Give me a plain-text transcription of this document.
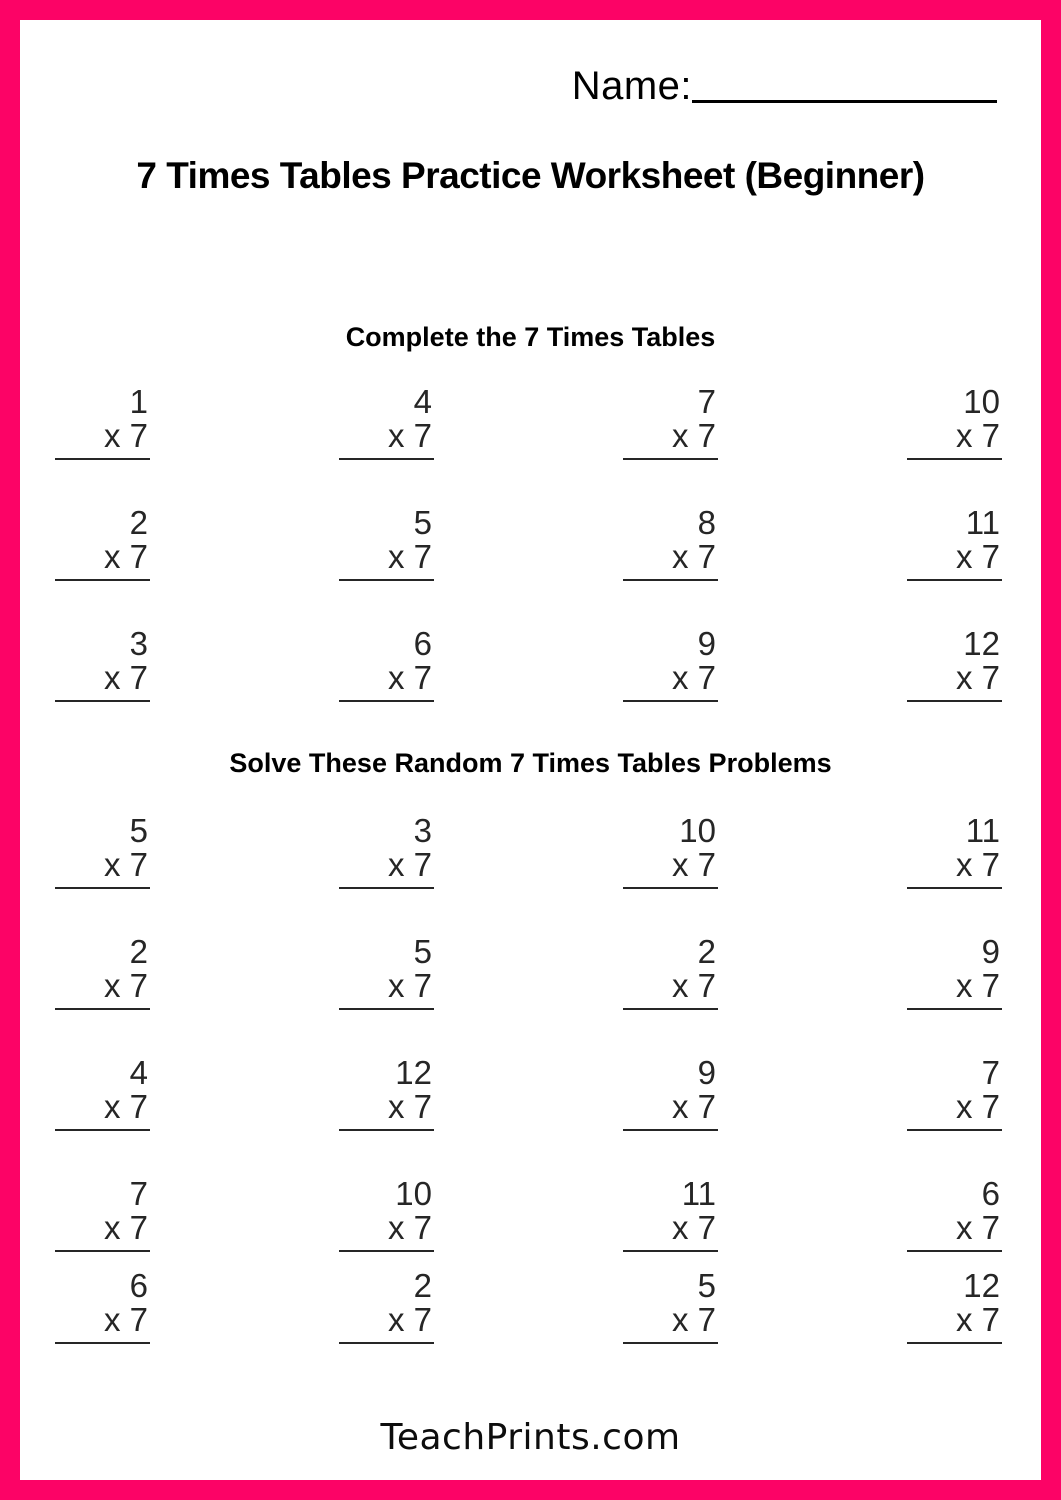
Name:
7 Times Tables Practice Worksheet (Beginner)
Complete the 7 Times Tables
1
x 7
4
x 7
7
x 7
10
x 7
2
x 7
5
x 7
8
x 7
11
x 7
3
x 7
6
x 7
9
x 7
12
x 7
Solve These Random 7 Times Tables Problems
5
x 7
3
x 7
10
x 7
11
x 7
2
x 7
5
x 7
2
x 7
9
x 7
4
x 7
12
x 7
9
x 7
7
x 7
7
x 7
10
x 7
11
x 7
6
x 7
6
x 7
2
x 7
5
x 7
12
x 7
TeachPrints.com
